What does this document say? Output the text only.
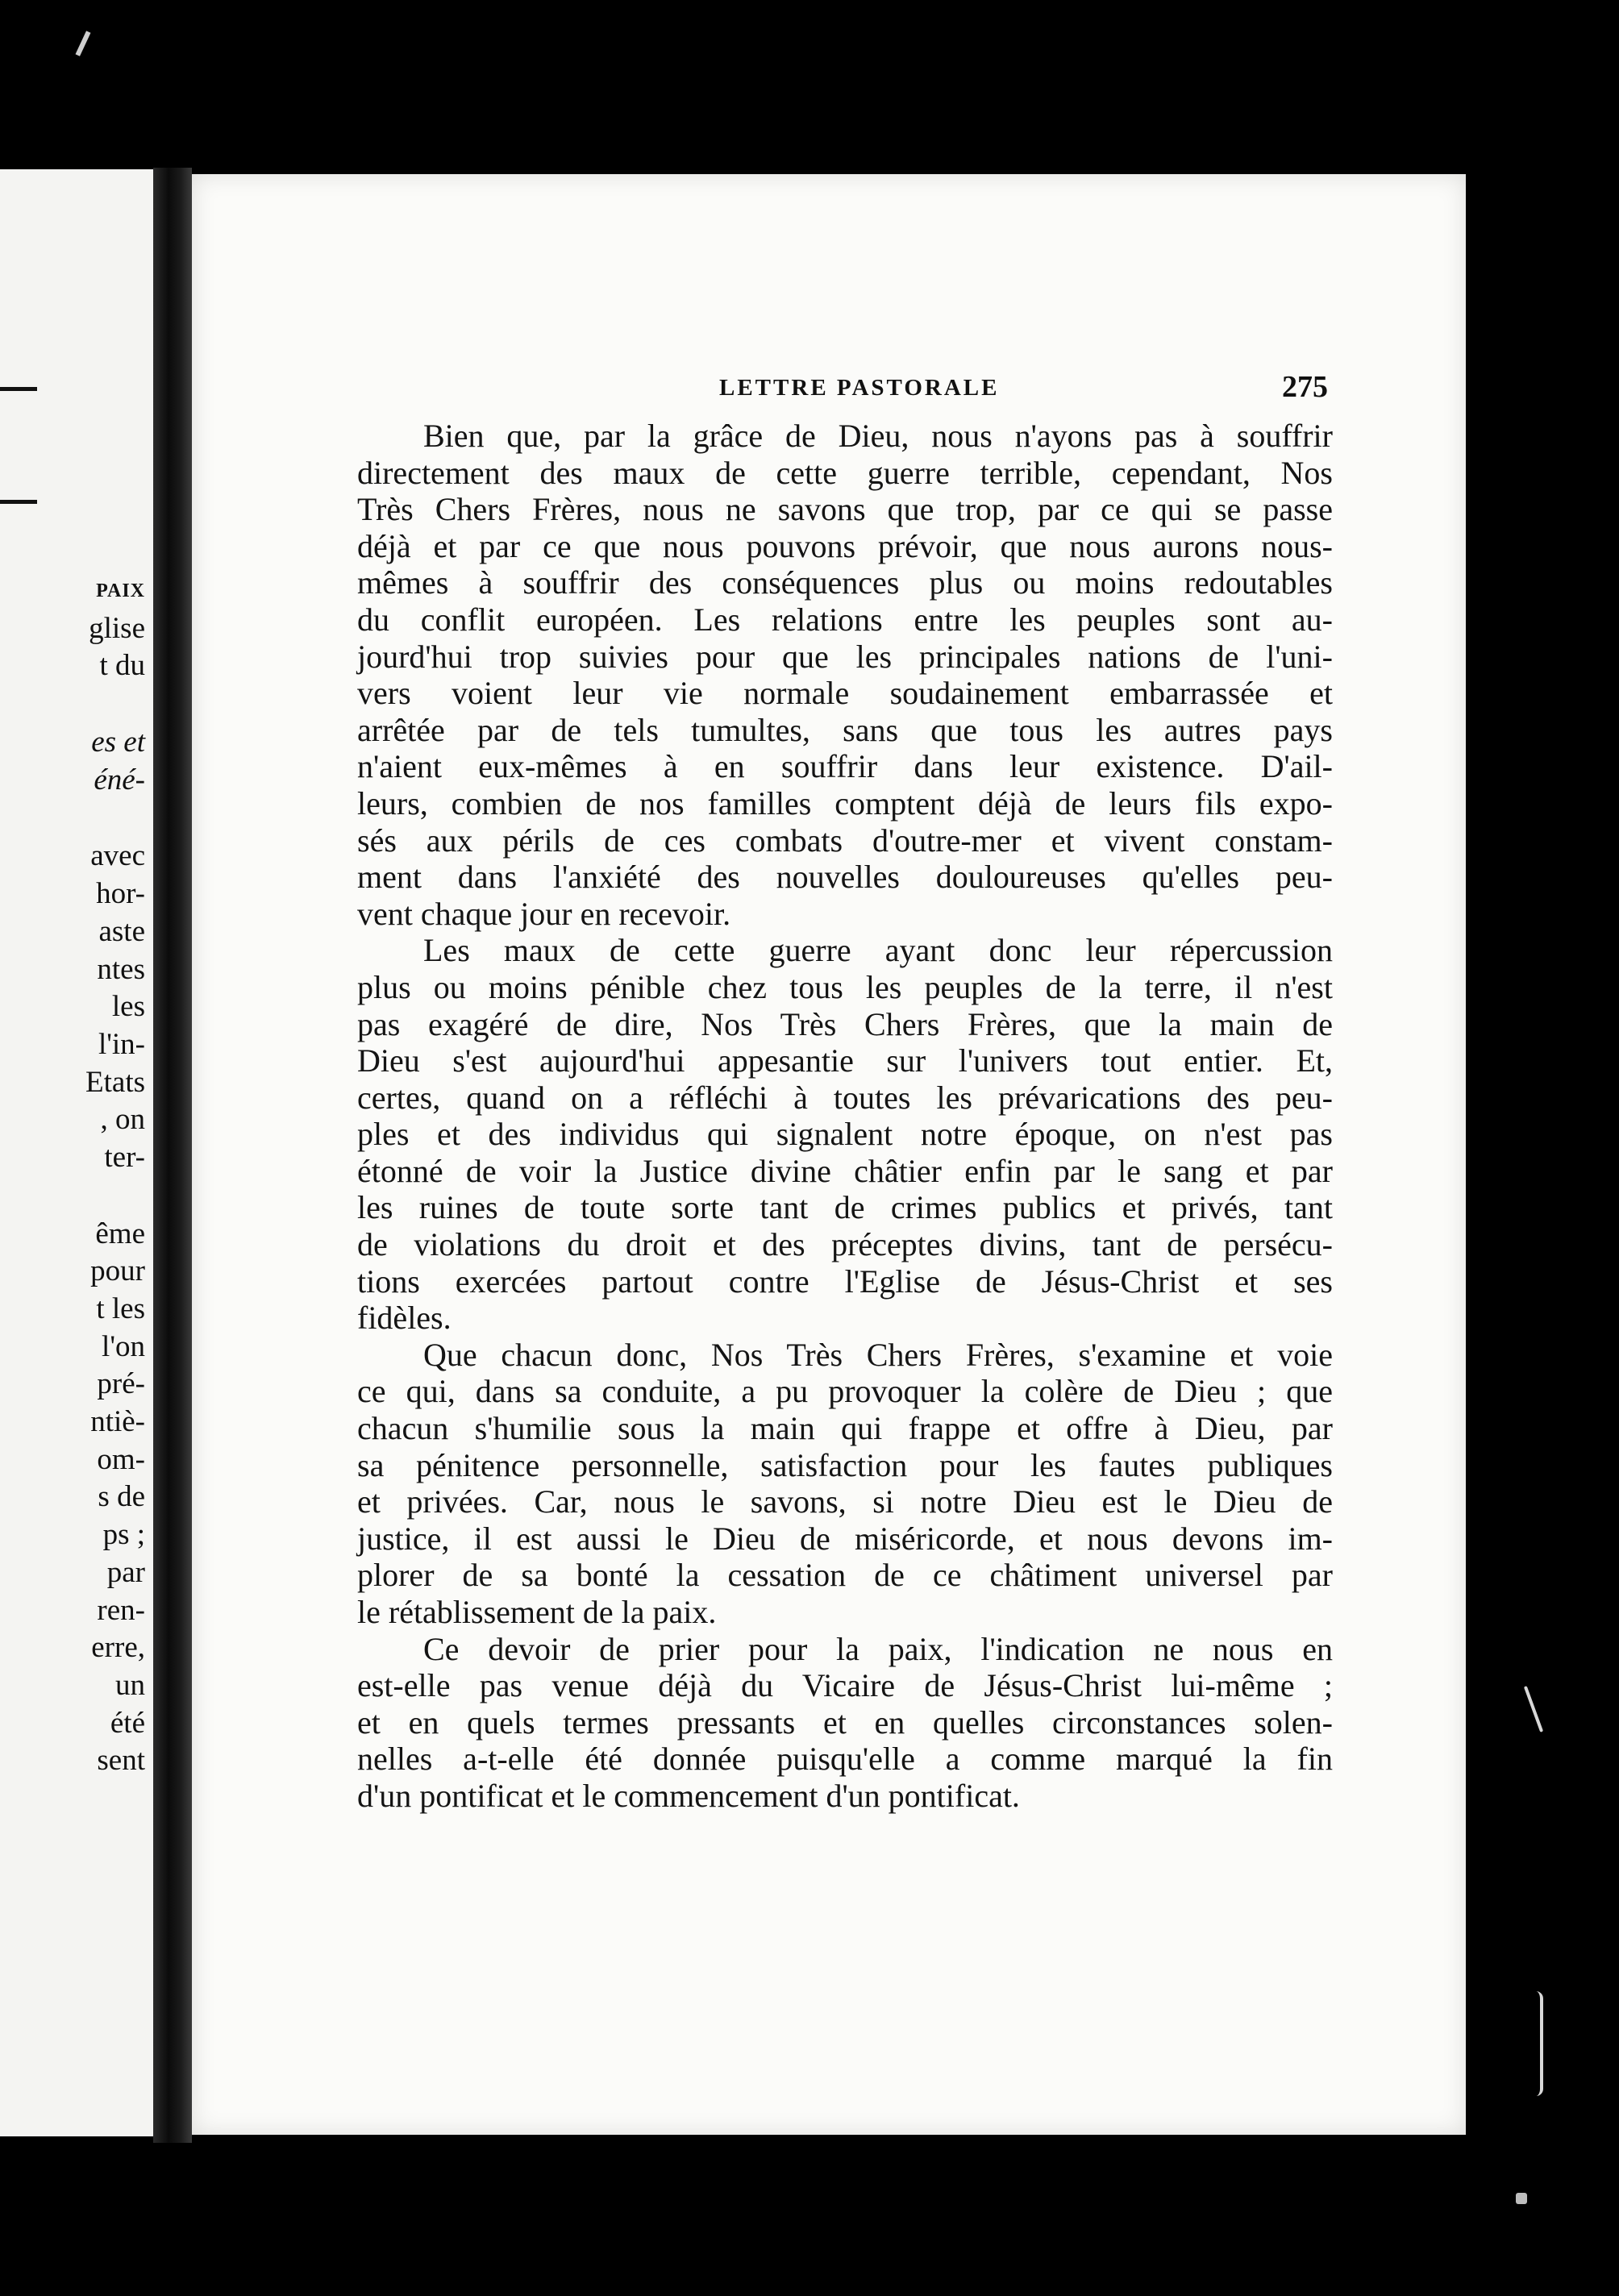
PAIX
glise
t du
es et
éné-
avec
hor-
aste
ntes
les
l'in-
Etats
, on
ter-
ême
pour
t les
l'on
pré-
ntiè-
om-
s de
ps ;
par
ren-
erre,
un
été
sent
LETTRE PASTORALE	275
Bien que, par la grâce de Dieu, nous n'ayons pas à souffrir
directement des maux de cette guerre terrible, cependant, Nos
Très Chers Frères, nous ne savons que trop, par ce qui se passe
déjà et par ce que nous pouvons prévoir, que nous aurons nous-
mêmes à souffrir des conséquences plus ou moins redoutables
du conflit européen. Les relations entre les peuples sont au-
jourd'hui trop suivies pour que les principales nations de l'uni-
vers voient leur vie normale soudainement embarrassée et
arrêtée par de tels tumultes, sans que tous les autres pays
n'aient eux-mêmes à en souffrir dans leur existence. D'ail-
leurs, combien de nos familles comptent déjà de leurs fils expo-
sés aux périls de ces combats d'outre-mer et vivent constam-
ment dans l'anxiété des nouvelles douloureuses qu'elles peu-
vent chaque jour en recevoir.
Les maux de cette guerre ayant donc leur répercussion
plus ou moins pénible chez tous les peuples de la terre, il n'est
pas exagéré de dire, Nos Très Chers Frères, que la main de
Dieu s'est aujourd'hui appesantie sur l'univers tout entier. Et,
certes, quand on a réfléchi à toutes les prévarications des peu-
ples et des individus qui signalent notre époque, on n'est pas
étonné de voir la Justice divine châtier enfin par le sang et par
les ruines de toute sorte tant de crimes publics et privés, tant
de violations du droit et des préceptes divins, tant de persécu-
tions exercées partout contre l'Eglise de Jésus-Christ et ses
fidèles.
Que chacun donc, Nos Très Chers Frères, s'examine et voie
ce qui, dans sa conduite, a pu provoquer la colère de Dieu ; que
chacun s'humilie sous la main qui frappe et offre à Dieu, par
sa pénitence personnelle, satisfaction pour les fautes publiques
et privées. Car, nous le savons, si notre Dieu est le Dieu de
justice, il est aussi le Dieu de miséricorde, et nous devons im-
plorer de sa bonté la cessation de ce châtiment universel par
le rétablissement de la paix.
Ce devoir de prier pour la paix, l'indication ne nous en
est-elle pas venue déjà du Vicaire de Jésus-Christ lui-même ;
et en quels termes pressants et en quelles circonstances solen-
nelles a-t-elle été donnée puisqu'elle a comme marqué la fin
d'un pontificat et le commencement d'un pontificat.
